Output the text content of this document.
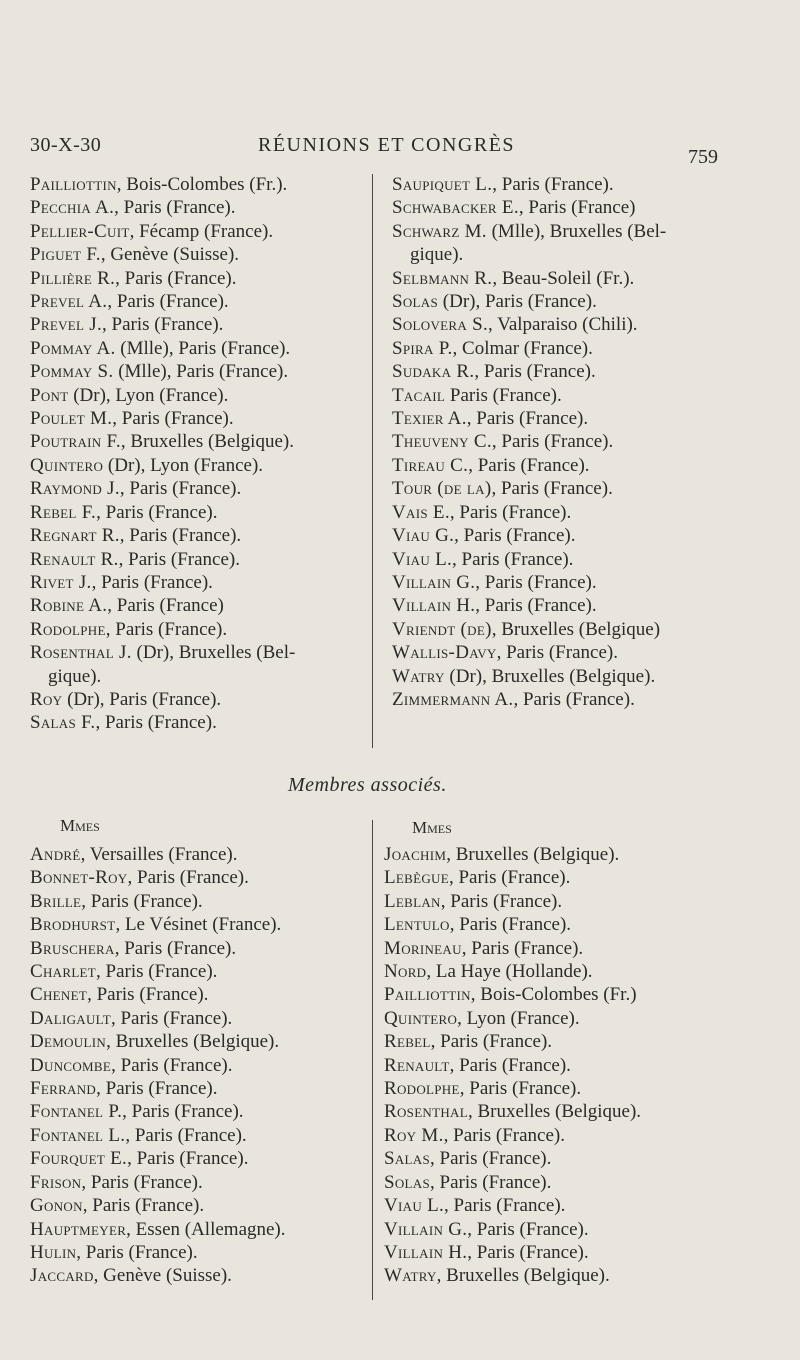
30-X-30	RÉUNIONS ET CONGRÈS
759
Pailliottin, Bois-Colombes (Fr.).
Pecchia A., Paris (France).
Pellier-Cuit, Fécamp (France).
Piguet F., Genève (Suisse).
Pillière R., Paris (France).
Prevel A., Paris (France).
Prevel J., Paris (France).
Pommay A. (Mlle), Paris (France).
Pommay S. (Mlle), Paris (France).
Pont (Dr), Lyon (France).
Poulet M., Paris (France).
Poutrain F., Bruxelles (Belgique).
Quintero (Dr), Lyon (France).
Raymond J., Paris (France).
Rebel F., Paris (France).
Regnart R., Paris (France).
Renault R., Paris (France).
Rivet J., Paris (France).
Robine A., Paris (France)
Rodolphe, Paris (France).
Rosenthal J. (Dr), Bruxelles (Bel-
gique).
Roy (Dr), Paris (France).
Salas F., Paris (France).
Saupiquet L., Paris (France).
Schwabacker E., Paris (France)
Schwarz M. (Mlle), Bruxelles (Bel-
gique).
Selbmann R., Beau-Soleil (Fr.).
Solas (Dr), Paris (France).
Solovera S., Valparaiso (Chili).
Spira P., Colmar (France).
Sudaka R., Paris (France).
Tacail Paris (France).
Texier A., Paris (France).
Theuveny C., Paris (France).
Tireau C., Paris (France).
Tour (de la), Paris (France).
Vais E., Paris (France).
Viau G., Paris (France).
Viau L., Paris (France).
Villain G., Paris (France).
Villain H., Paris (France).
Vriendt (de), Bruxelles (Belgique)
Wallis-Davy, Paris (France).
Watry (Dr), Bruxelles (Belgique).
Zimmermann A., Paris (France).
Membres associés.
Mmes	Mmes
André, Versailles (France).
Bonnet-Roy, Paris (France).
Brille, Paris (France).
Brodhurst, Le Vésinet (France).
Bruschera, Paris (France).
Charlet, Paris (France).
Chenet, Paris (France).
Daligault, Paris (France).
Demoulin, Bruxelles (Belgique).
Duncombe, Paris (France).
Ferrand, Paris (France).
Fontanel P., Paris (France).
Fontanel L., Paris (France).
Fourquet E., Paris (France).
Frison, Paris (France).
Gonon, Paris (France).
Hauptmeyer, Essen (Allemagne).
Hulin, Paris (France).
Jaccard, Genève (Suisse).
Joachim, Bruxelles (Belgique).
Lebègue, Paris (France).
Leblan, Paris (France).
Lentulo, Paris (France).
Morineau, Paris (France).
Nord, La Haye (Hollande).
Pailliottin, Bois-Colombes (Fr.)
Quintero, Lyon (France).
Rebel, Paris (France).
Renault, Paris (France).
Rodolphe, Paris (France).
Rosenthal, Bruxelles (Belgique).
Roy M., Paris (France).
Salas, Paris (France).
Solas, Paris (France).
Viau L., Paris (France).
Villain G., Paris (France).
Villain H., Paris (France).
Watry, Bruxelles (Belgique).
